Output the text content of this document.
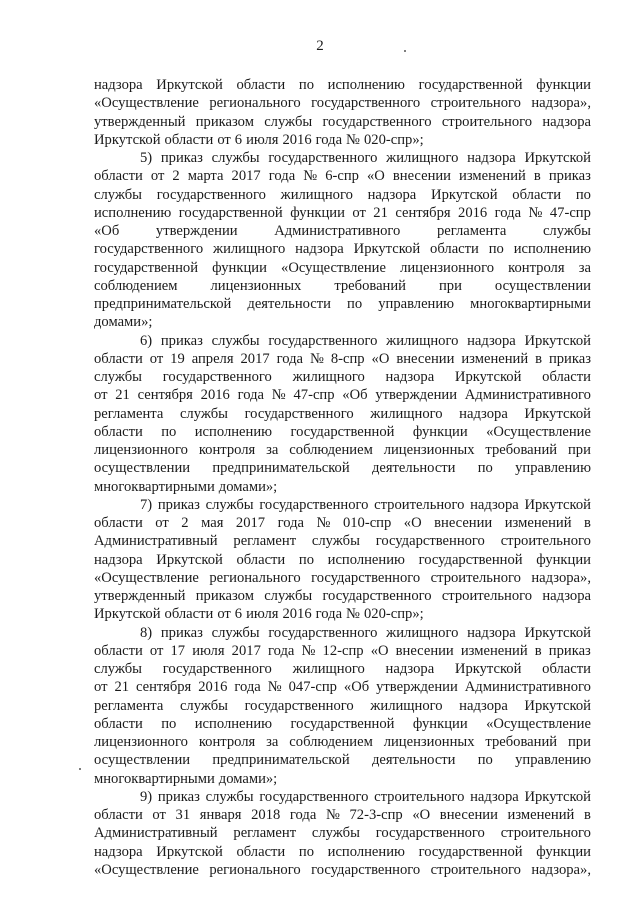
2
надзора Иркутской области по исполнению государственной функции
«Осуществление регионального государственного строительного надзора»,
утвержденный приказом службы государственного строительного надзора
Иркутской области от 6 июля 2016 года № 020-спр»;
5) приказ службы государственного жилищного надзора Иркутской
области от 2 марта 2017 года № 6-спр «О внесении изменений в приказ
службы государственного жилищного надзора Иркутской области по
исполнению государственной функции от 21 сентября 2016 года № 47-спр
«Об	утверждении	Административного	регламента	службы
государственного жилищного надзора Иркутской области по исполнению
государственной функции «Осуществление лицензионного контроля за
соблюдением лицензионных требований при осуществлении
предпринимательской деятельности по управлению многоквартирными
домами»;
6) приказ службы государственного жилищного надзора Иркутской
области от 19 апреля 2017 года № 8-спр «О внесении изменений в приказ
службы государственного жилищного надзора Иркутской области
от 21 сентября 2016 года № 47-спр «Об утверждении Административного
регламента службы государственного жилищного надзора Иркутской
области по исполнению государственной функции «Осуществление
лицензионного контроля за соблюдением лицензионных требований при
осуществлении предпринимательской деятельности по управлению
многоквартирными домами»;
7) приказ службы государственного строительного надзора Иркутской
области от 2 мая 2017 года № 010-спр «О внесении изменений в
Административный регламент службы государственного строительного
надзора Иркутской области по исполнению государственной функции
«Осуществление регионального государственного строительного надзора»,
утвержденный приказом службы государственного строительного надзора
Иркутской области от 6 июля 2016 года № 020-спр»;
8) приказ службы государственного жилищного надзора Иркутской
области от 17 июля 2017 года № 12-спр «О внесении изменений в приказ
службы государственного жилищного надзора Иркутской области
от 21 сентября 2016 года № 047-спр «Об утверждении Административного
регламента службы государственного жилищного надзора Иркутской
области по исполнению государственной функции «Осуществление
лицензионного контроля за соблюдением лицензионных требований при
осуществлении предпринимательской деятельности по управлению
многоквартирными домами»;
9) приказ службы государственного строительного надзора Иркутской
области от 31 января 2018 года № 72-3-спр «О внесении изменений в
Административный регламент службы государственного строительного
надзора Иркутской области по исполнению государственной функции
«Осуществление регионального государственного строительного надзора»,
